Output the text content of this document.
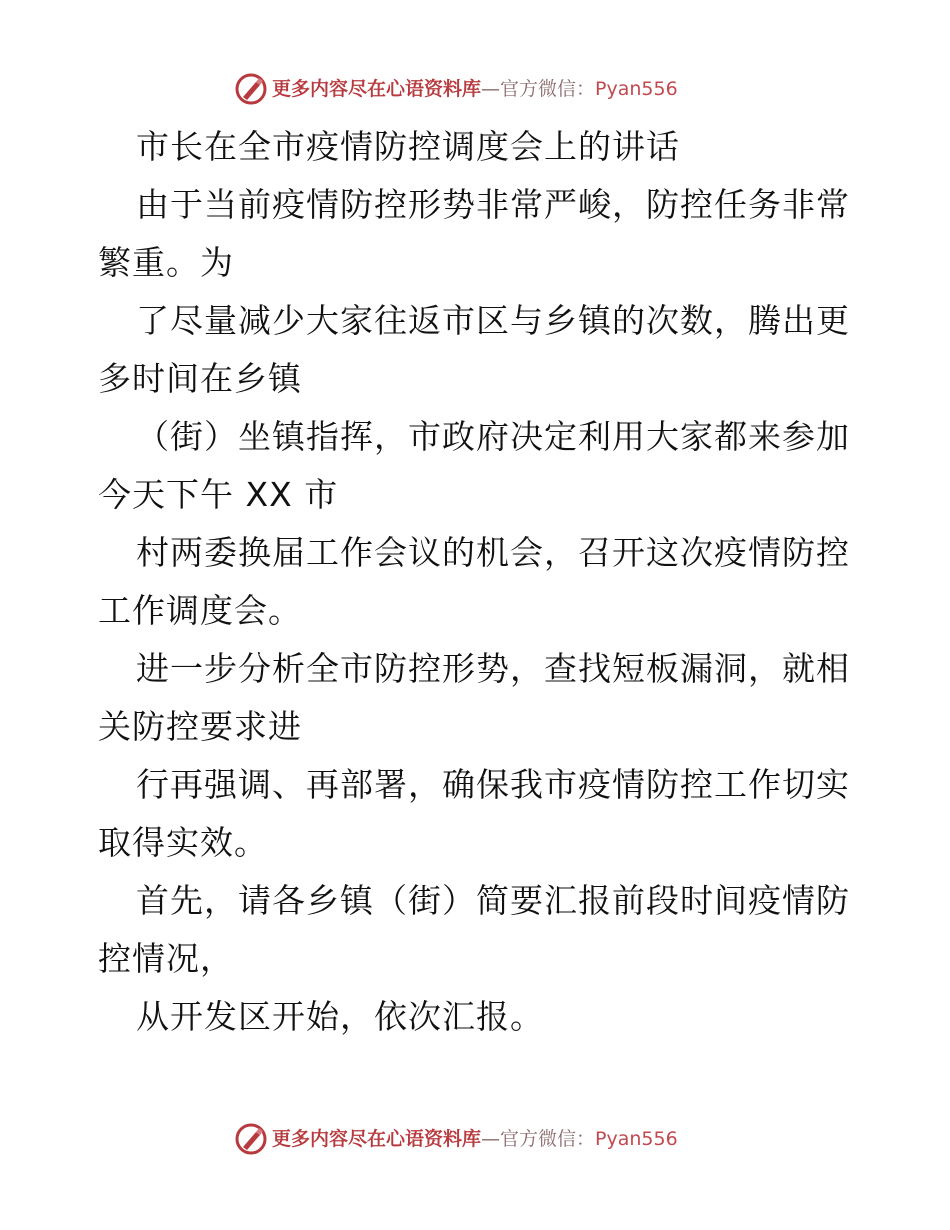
更多内容尽在心语资料库—官方微信：Pyan556
市长在全市疫情防控调度会上的讲话
由于当前疫情防控形势非常严峻，防控任务非常
繁重。为
了尽量减少大家往返市区与乡镇的次数，腾出更
多时间在乡镇
（街）坐镇指挥，市政府决定利用大家都来参加
今天下午 XX 市
村两委换届工作会议的机会，召开这次疫情防控
工作调度会。
进一步分析全市防控形势，查找短板漏洞，就相
关防控要求进
行再强调、再部署，确保我市疫情防控工作切实
取得实效。
首先，请各乡镇（街）简要汇报前段时间疫情防
控情况，
从开发区开始，依次汇报。
更多内容尽在心语资料库—官方微信：Pyan556
